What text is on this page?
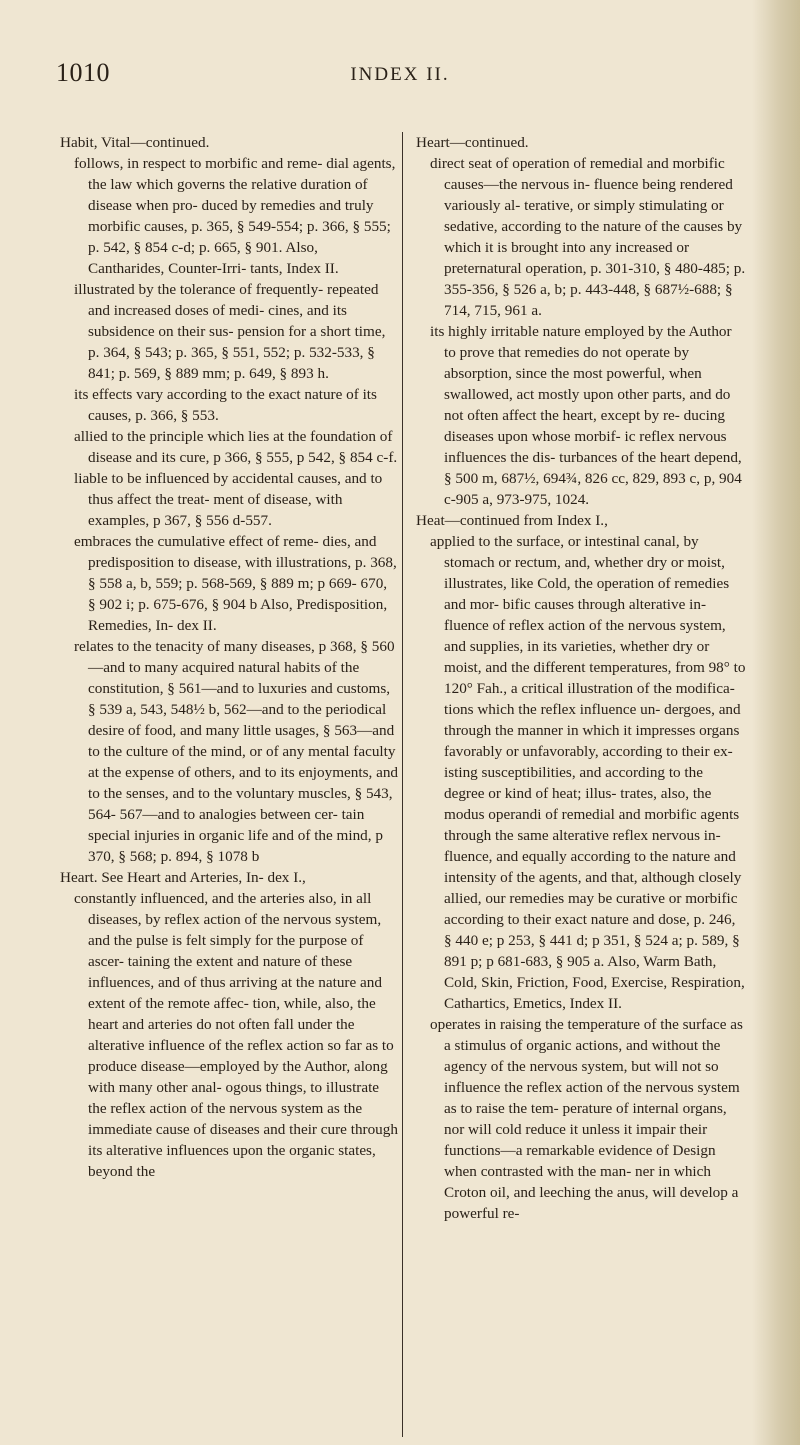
1010	INDEX II.

Habit, Vital—continued.

follows, in respect to morbific and reme- dial agents, the law which governs the relative duration of disease when pro- duced by remedies and truly morbific causes, p. 365, § 549-554; p. 366, § 555; p. 542, § 854 c-d; p. 665, § 901. Also, Cantharides, Counter-Irri- tants, Index II.

illustrated by the tolerance of frequently- repeated and increased doses of medi- cines, and its subsidence on their sus- pension for a short time, p. 364, § 543; p. 365, § 551, 552; p. 532-533, § 841; p. 569, § 889 mm; p. 649, § 893 h.

its effects vary according to the exact nature of its causes, p. 366, § 553.

allied to the principle which lies at the foundation of disease and its cure, p 366, § 555, p 542, § 854 c-f.

liable to be influenced by accidental causes, and to thus affect the treat- ment of disease, with examples, p 367, § 556 d-557.

embraces the cumulative effect of reme- dies, and predisposition to disease, with illustrations, p. 368, § 558 a, b, 559; p. 568-569, § 889 m; p 669- 670, § 902 i; p. 675-676, § 904 b Also, Predisposition, Remedies, In- dex II.

relates to the tenacity of many diseases, p 368, § 560—and to many acquired natural habits of the constitution, § 561—and to luxuries and customs, § 539 a, 543, 548½ b, 562—and to the periodical desire of food, and many little usages, § 563—and to the culture of the mind, or of any mental faculty at the expense of others, and to its enjoyments, and to the senses, and to the voluntary muscles, § 543, 564- 567—and to analogies between cer- tain special injuries in organic life and of the mind, p 370, § 568; p. 894, § 1078 b

Heart. See Heart and Arteries, In- dex I.,

constantly influenced, and the arteries also, in all diseases, by reflex action of the nervous system, and the pulse is felt simply for the purpose of ascer- taining the extent and nature of these influences, and of thus arriving at the nature and extent of the remote affec- tion, while, also, the heart and arteries do not often fall under the alterative influence of the reflex action so far as to produce disease—employed by the Author, along with many other anal- ogous things, to illustrate the reflex action of the nervous system as the immediate cause of diseases and their cure through its alterative influences upon the organic states, beyond the

Heart—continued.

direct seat of operation of remedial and morbific causes—the nervous in- fluence being rendered variously al- terative, or simply stimulating or sedative, according to the nature of the causes by which it is brought into any increased or preternatural operation, p. 301-310, § 480-485; p. 355-356, § 526 a, b; p. 443-448, § 687½-688; § 714, 715, 961 a.

its highly irritable nature employed by the Author to prove that remedies do not operate by absorption, since the most powerful, when swallowed, act mostly upon other parts, and do not often affect the heart, except by re- ducing diseases upon whose morbif- ic reflex nervous influences the dis- turbances of the heart depend, § 500 m, 687½, 694¾, 826 cc, 829, 893 c, p, 904 c-905 a, 973-975, 1024.

Heat—continued from Index I.,

applied to the surface, or intestinal canal, by stomach or rectum, and, whether dry or moist, illustrates, like Cold, the operation of remedies and mor- bific causes through alterative in- fluence of reflex action of the nervous system, and supplies, in its varieties, whether dry or moist, and the different temperatures, from 98° to 120° Fah., a critical illustration of the modifica- tions which the reflex influence un- dergoes, and through the manner in which it impresses organs favorably or unfavorably, according to their ex- isting susceptibilities, and according to the degree or kind of heat; illus- trates, also, the modus operandi of remedial and morbific agents through the same alterative reflex nervous in- fluence, and equally according to the nature and intensity of the agents, and that, although closely allied, our remedies may be curative or morbific according to their exact nature and dose, p. 246, § 440 e; p 253, § 441 d; p 351, § 524 a; p. 589, § 891 p; p 681-683, § 905 a. Also, Warm Bath, Cold, Skin, Friction, Food, Exercise, Respiration, Cathartics, Emetics, Index II.

operates in raising the temperature of the surface as a stimulus of organic actions, and without the agency of the nervous system, but will not so influence the reflex action of the nervous system as to raise the tem- perature of internal organs, nor will cold reduce it unless it impair their functions—a remarkable evidence of Design when contrasted with the man- ner in which Croton oil, and leeching the anus, will develop a powerful re-
